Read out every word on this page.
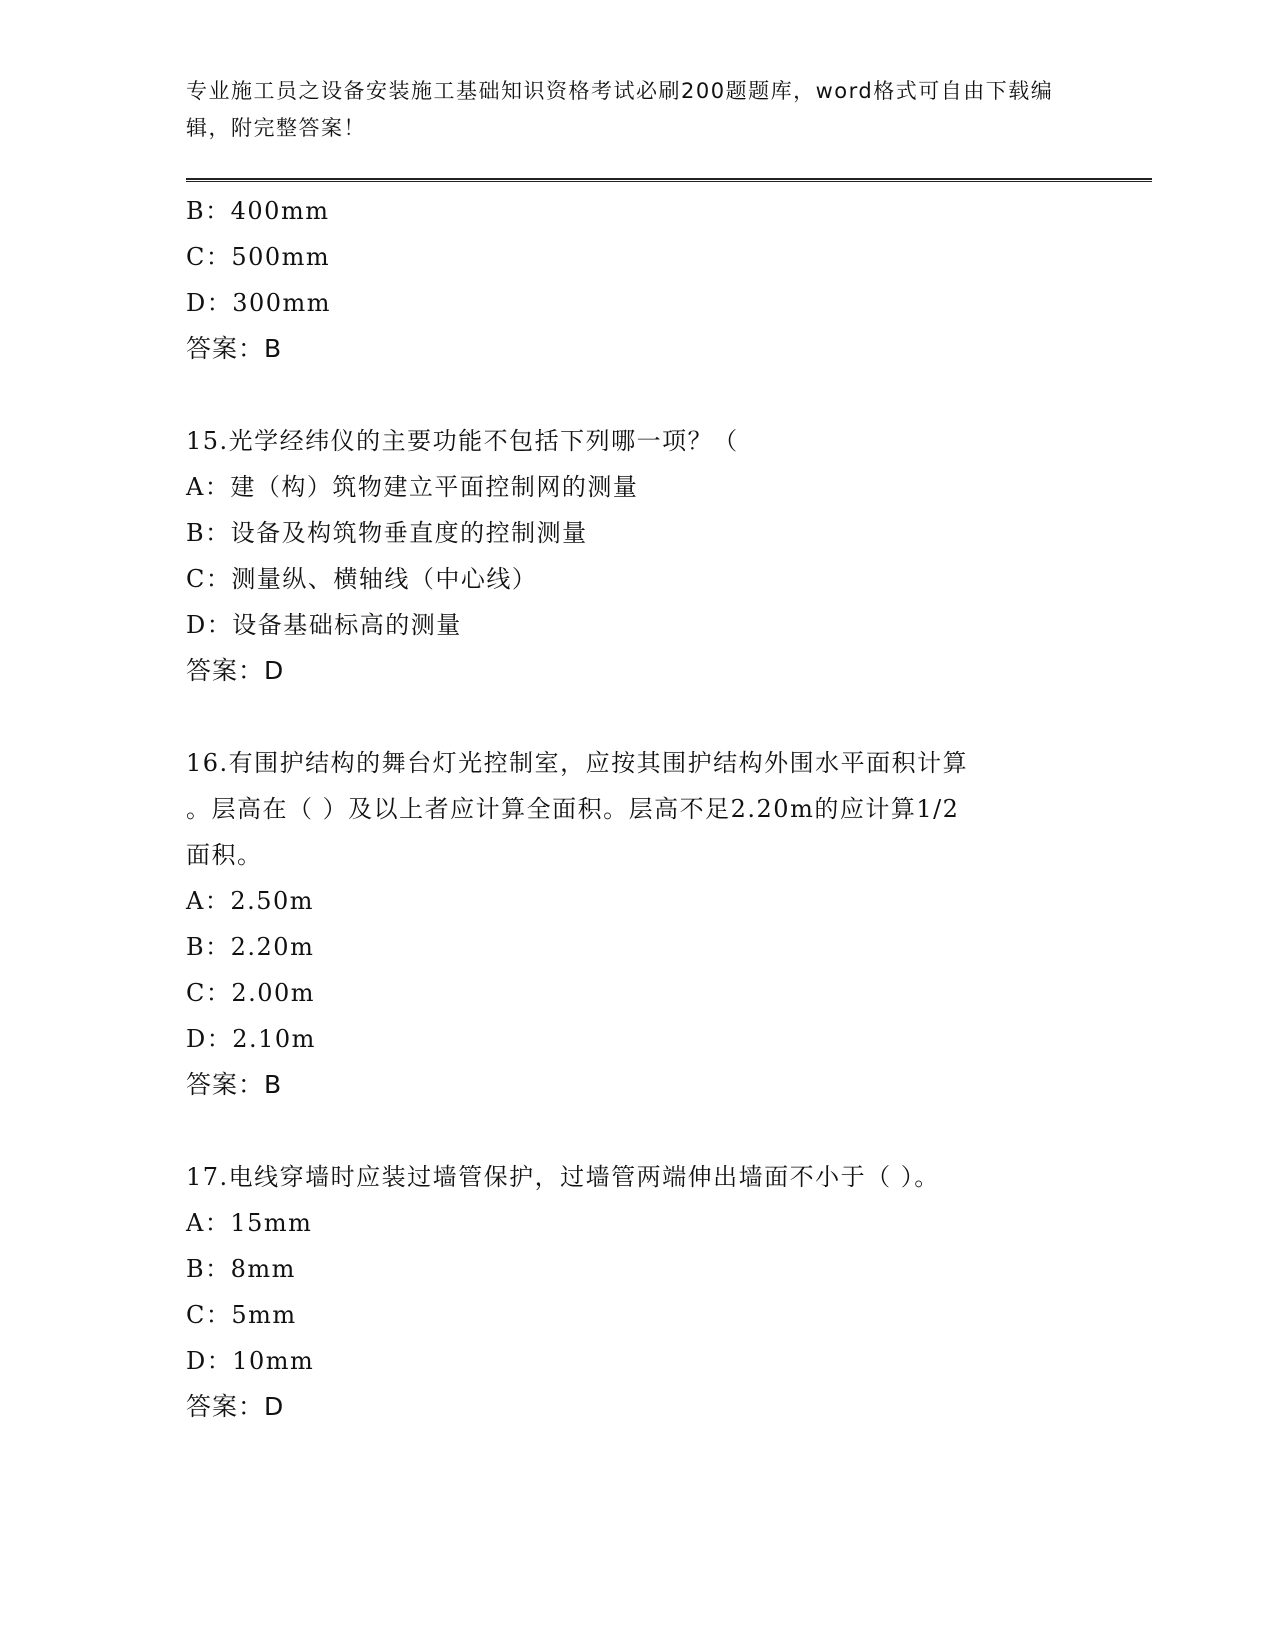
专业施工员之设备安装施工基础知识资格考试必刷200题题库，word格式可自由下载编辑，附完整答案！
B：400mm
C：500mm
D：300mm
答案：B
15.光学经纬仪的主要功能不包括下列哪一项？（
A：建（构）筑物建立平面控制网的测量
B：设备及构筑物垂直度的控制测量
C：测量纵、横轴线（中心线）
D：设备基础标高的测量
答案：D
16.有围护结构的舞台灯光控制室，应按其围护结构外围水平面积计算
。层高在（ ）及以上者应计算全面积。层高不足2.20m的应计算1/2
面积。
A：2.50m
B：2.20m
C：2.00m
D：2.10m
答案：B
17.电线穿墙时应装过墙管保护，过墙管两端伸出墙面不小于（ ）。
A：15mm
B：8mm
C：5mm
D：10mm
答案：D
